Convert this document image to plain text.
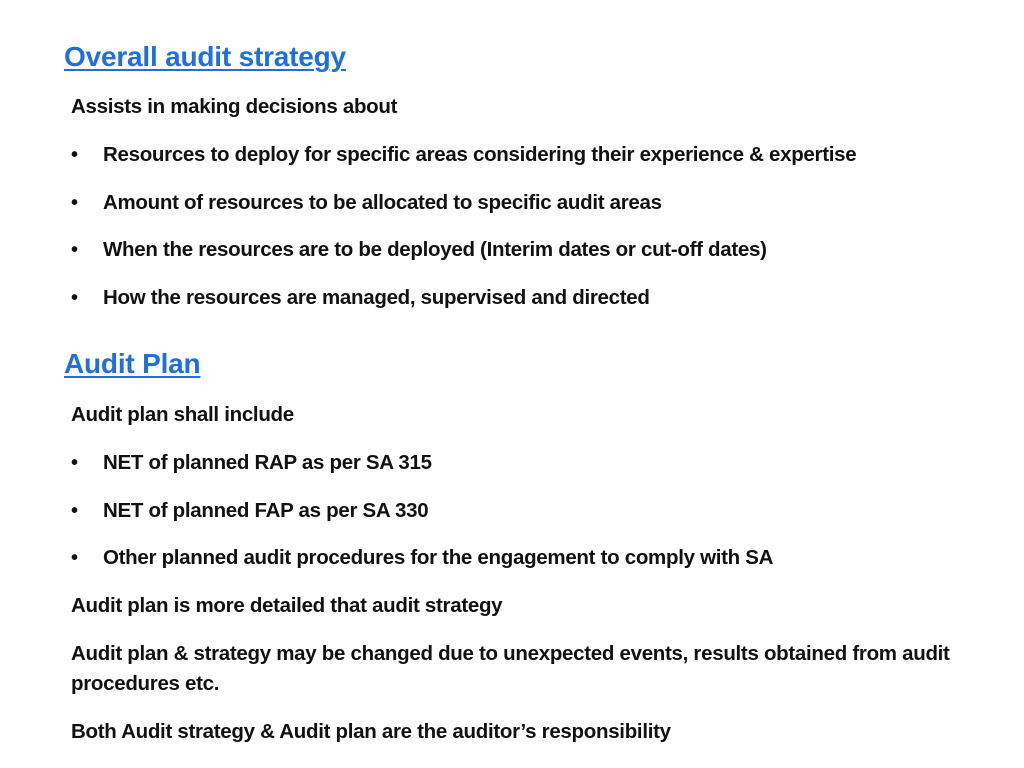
Overall audit strategy

Assists in making decisions about

•	Resources to deploy for specific areas considering their experience & expertise
•	Amount of resources to be allocated to specific audit areas
•	When the resources are to be deployed (Interim dates or cut-off dates)
•	How the resources are managed, supervised and directed
Audit Plan

Audit plan shall include

•	NET of planned RAP as per SA 315
•	NET of planned FAP as per SA 330
•	Other planned audit procedures for the engagement to comply with SA

Audit plan is more detailed that audit strategy

Audit plan & strategy may be changed due to unexpected events, results obtained from audit procedures etc.

Both Audit strategy & Audit plan are the auditor’s responsibility
